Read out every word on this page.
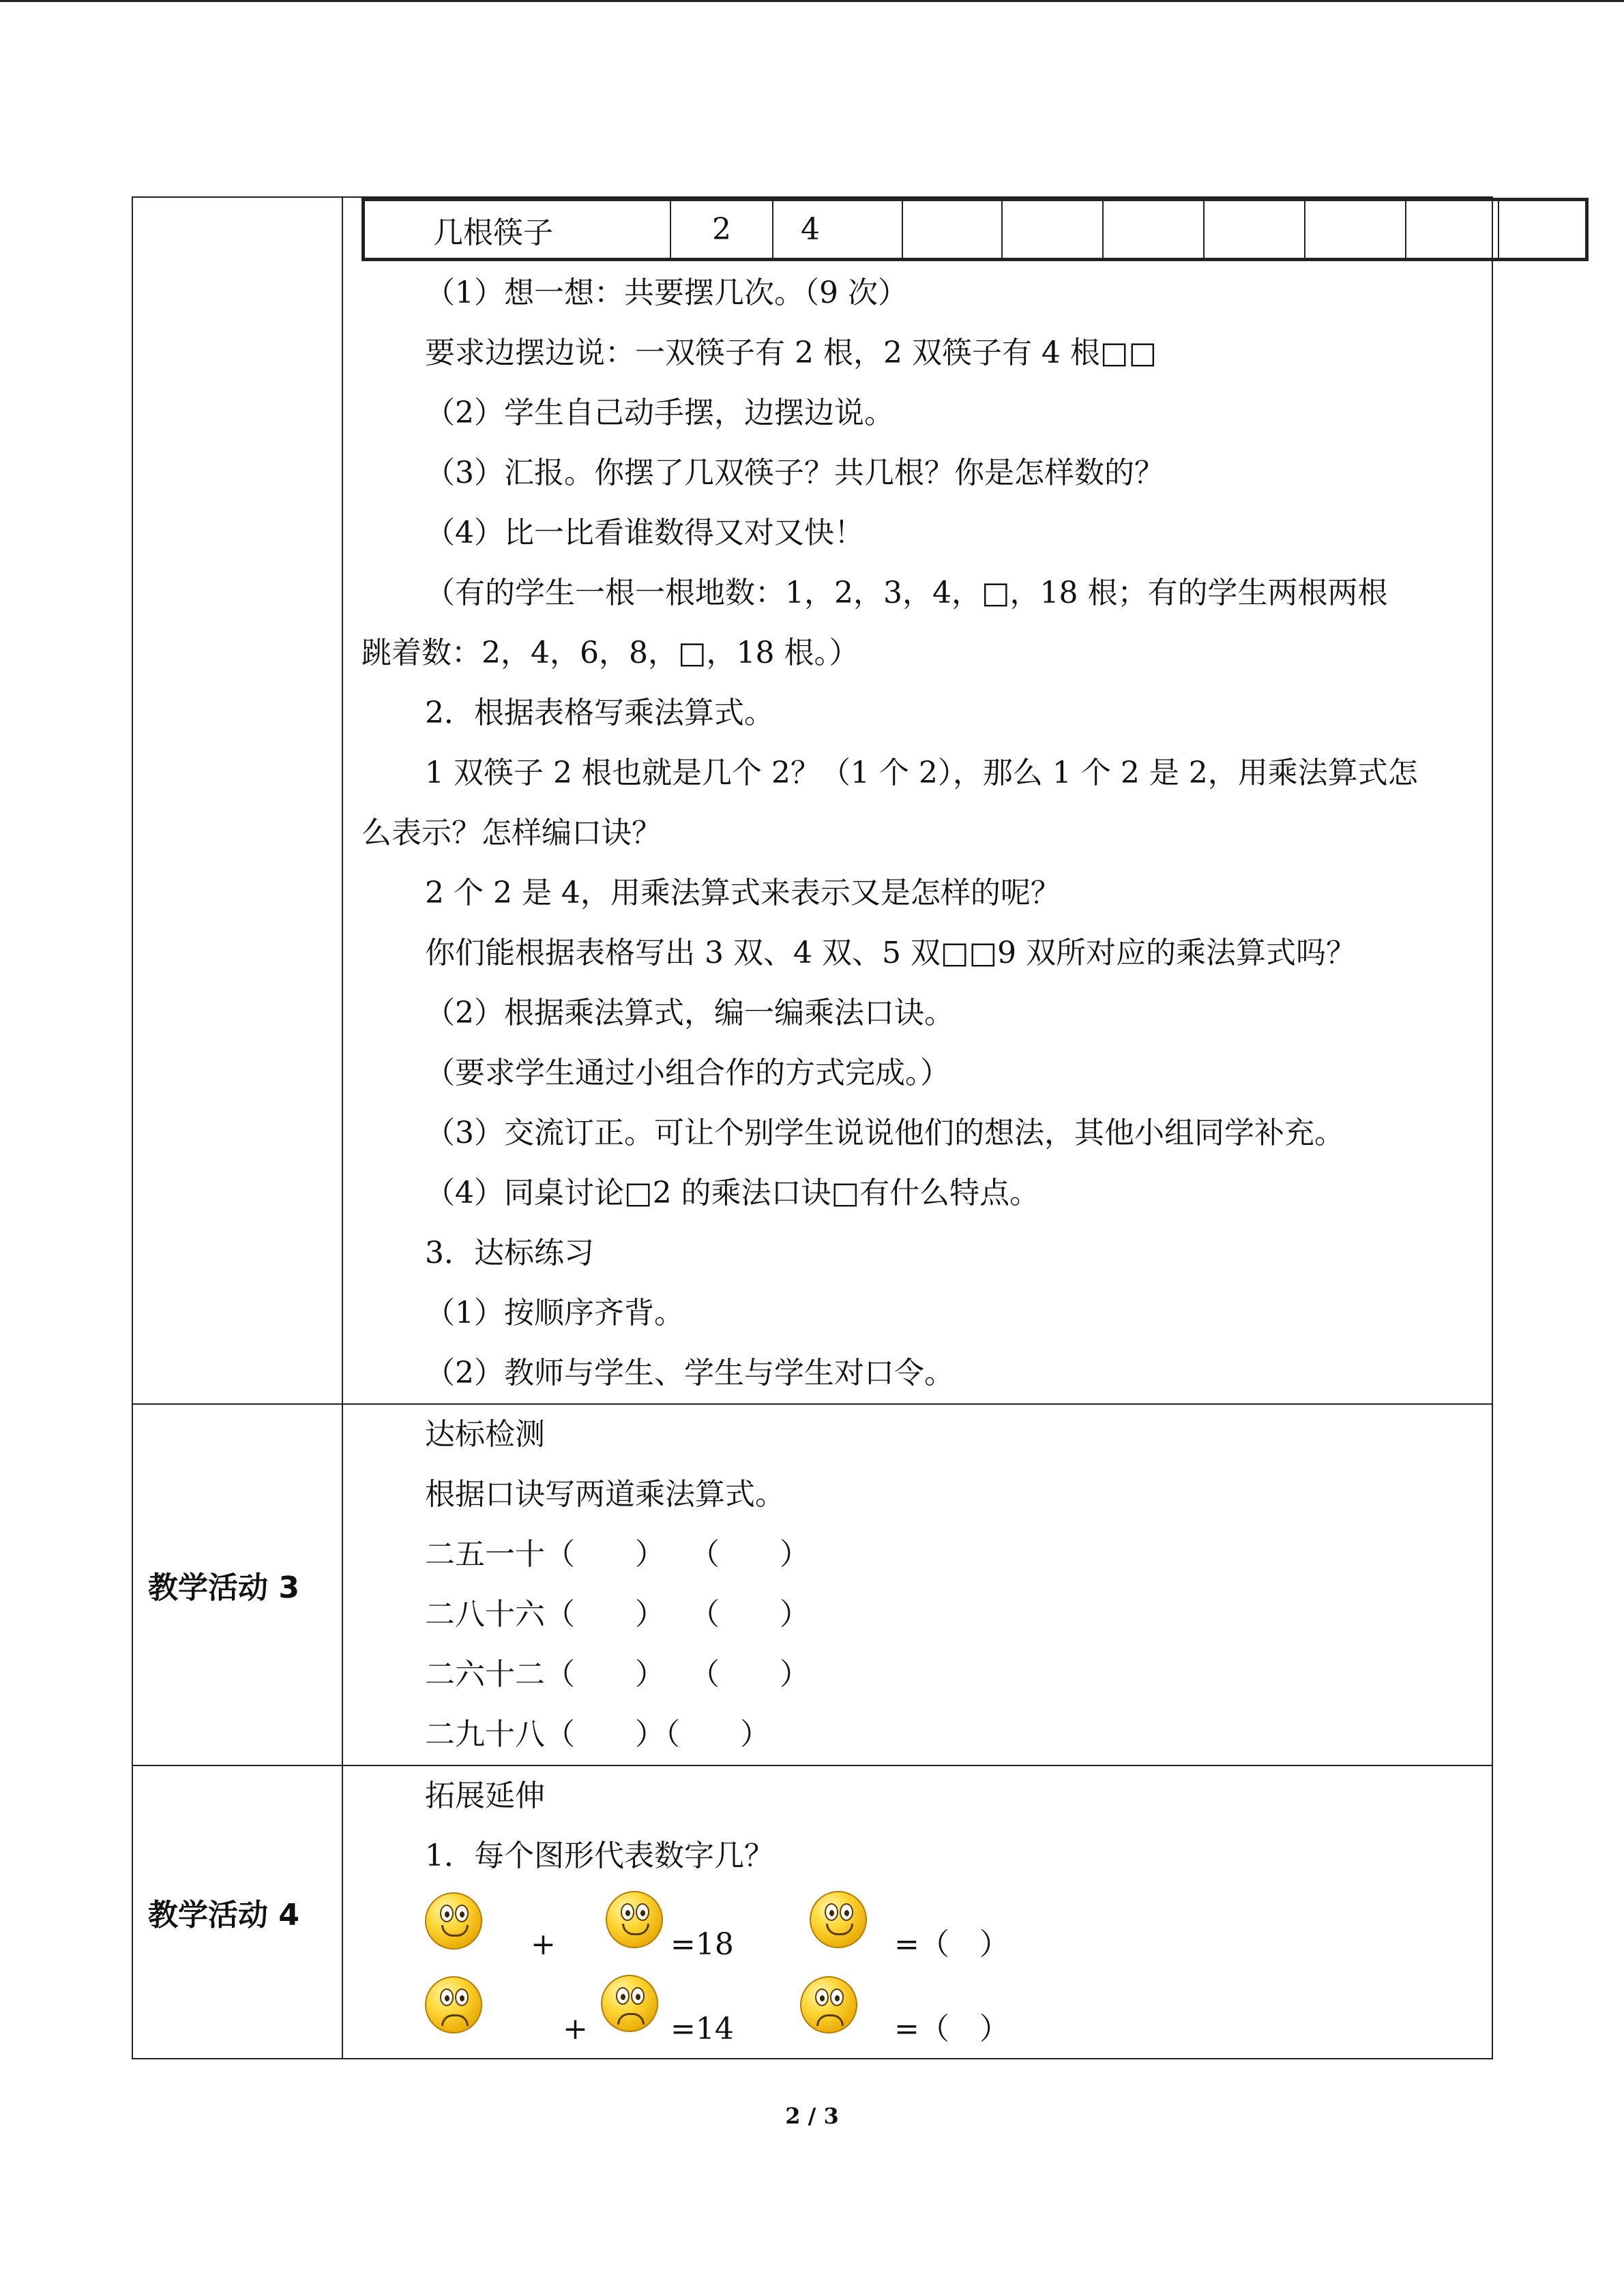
几根筷子	2	4							
（1）想一想：共要摆几次。（9 次）
要求边摆边说：一双筷子有 2 根，2 双筷子有 4 根□□
（2）学生自己动手摆，边摆边说。
（3）汇报。你摆了几双筷子？共几根？你是怎样数的？
（4）比一比看谁数得又对又快！
（有的学生一根一根地数：1，2，3，4，□，18 根；有的学生两根两根
跳着数：2，4，6，8，□，18 根。）
2．根据表格写乘法算式。
1 双筷子 2 根也就是几个 2？（1 个 2），那么 1 个 2 是 2，用乘法算式怎
么表示？怎样编口诀？
2 个 2 是 4，用乘法算式来表示又是怎样的呢？
你们能根据表格写出 3 双、4 双、5 双□□9 双所对应的乘法算式吗？
（2）根据乘法算式，编一编乘法口诀。
（要求学生通过小组合作的方式完成。）
（3）交流订正。可让个别学生说说他们的想法，其他小组同学补充。
（4）同桌讨论□2 的乘法口诀□有什么特点。
3．达标练习
（1）按顺序齐背。
（2）教师与学生、学生与学生对口令。

教学活动 3

达标检测
根据口诀写两道乘法算式。
二五一十（　　）　 （　　）
二八十六（　　）　 （　　）
二六十二（　　）　 （　　）
二九十八（　　）（　　）

教学活动 4

拓展延伸
1．每个图形代表数字几？
+	=18	=（　）
+	=14	=（　）
2 / 3
